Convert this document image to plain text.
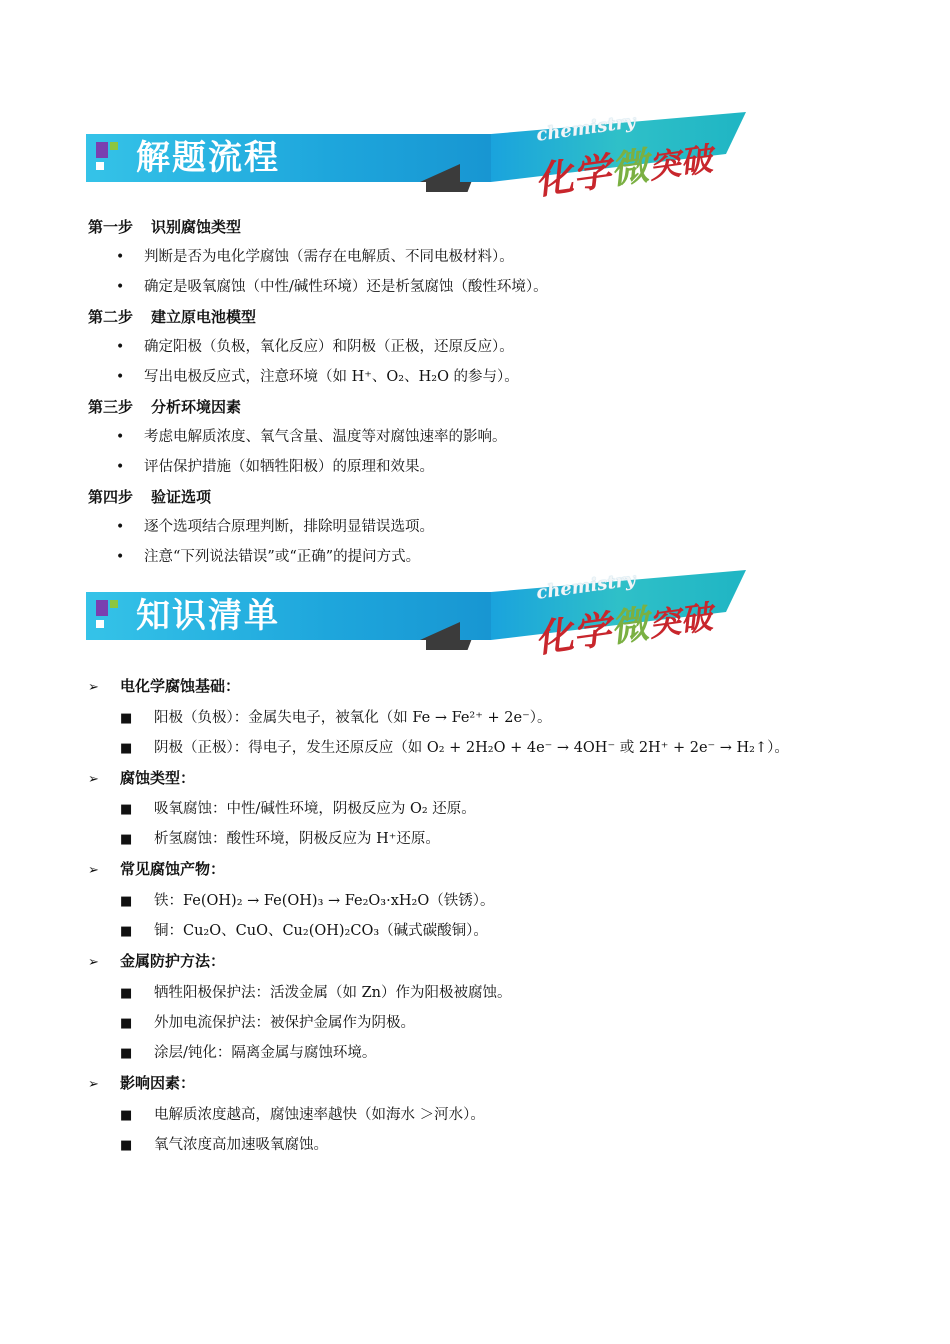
解题流程
chemistry
化学微突破
第一步 识别腐蚀类型
• 判断是否为电化学腐蚀（需存在电解质、不同电极材料）。
• 确定是吸氧腐蚀（中性/碱性环境）还是析氢腐蚀（酸性环境）。
第二步 建立原电池模型
• 确定阳极（负极，氧化反应）和阴极（正极，还原反应）。
• 写出电极反应式，注意环境（如 H⁺、O₂、H₂O 的参与）。
第三步 分析环境因素
• 考虑电解质浓度、氧气含量、温度等对腐蚀速率的影响。
• 评估保护措施（如牺牲阳极）的原理和效果。
第四步 验证选项
• 逐个选项结合原理判断，排除明显错误选项。
• 注意“下列说法错误”或“正确”的提问方式。
知识清单
chemistry
化学微突破
➢ 电化学腐蚀基础：
■ 阳极（负极）：金属失电子，被氧化（如 Fe → Fe²⁺ + 2e⁻）。
■ 阴极（正极）：得电子，发生还原反应（如 O₂ + 2H₂O + 4e⁻ → 4OH⁻ 或 2H⁺ + 2e⁻ → H₂↑）。
➢ 腐蚀类型：
■ 吸氧腐蚀：中性/碱性环境，阴极反应为 O₂ 还原。
■ 析氢腐蚀：酸性环境，阴极反应为 H⁺还原。
➢ 常见腐蚀产物：
■ 铁：Fe(OH)₂ → Fe(OH)₃ → Fe₂O₃·xH₂O（铁锈）。
■ 铜：Cu₂O、CuO、Cu₂(OH)₂CO₃（碱式碳酸铜）。
➢ 金属防护方法：
■ 牺牲阳极保护法：活泼金属（如 Zn）作为阳极被腐蚀。
■ 外加电流保护法：被保护金属作为阴极。
■ 涂层/钝化：隔离金属与腐蚀环境。
➢ 影响因素：
■ 电解质浓度越高，腐蚀速率越快（如海水 ＞河水）。
■ 氧气浓度高加速吸氧腐蚀。
